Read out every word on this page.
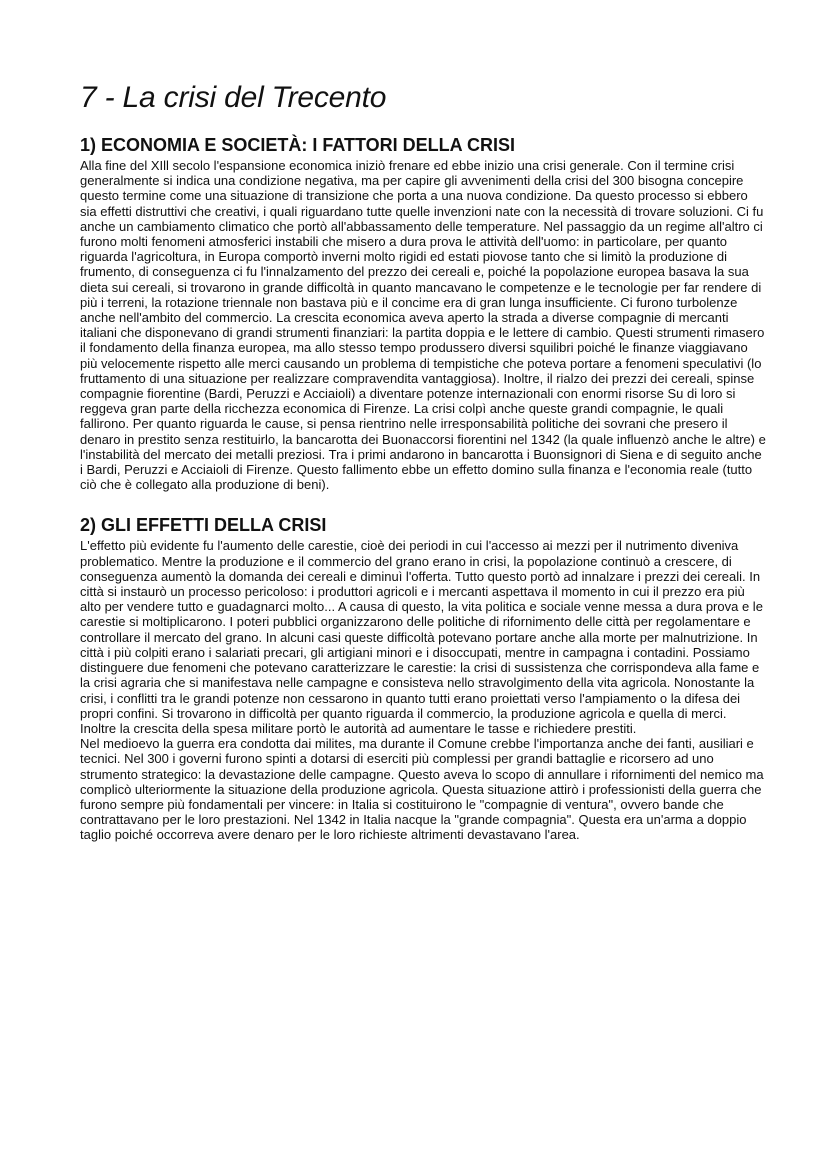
7 - La crisi del Trecento
1) ECONOMIA E SOCIETÀ: I FATTORI DELLA CRISI

Alla fine del XIll secolo l'espansione economica iniziò frenare ed ebbe inizio una crisi generale. Con il termine crisi generalmente si indica una condizione negativa, ma per capire gli avvenimenti della crisi del 300 bisogna concepire questo termine come una situazione di transizione che porta a una nuova condizione. Da questo processo si ebbero sia effetti distruttivi che creativi, i quali riguardano tutte quelle invenzioni nate con la necessità di trovare soluzioni. Ci fu anche un cambiamento climatico che portò all'abbassamento delle temperature. Nel passaggio da un regime all'altro ci furono molti fenomeni atmosferici instabili che misero a dura prova le attività dell'uomo: in particolare, per quanto riguarda l'agricoltura, in Europa comportò inverni molto rigidi ed estati piovose tanto che si limitò la produzione di frumento, di conseguenza ci fu l'innalzamento del prezzo dei cereali e, poiché la popolazione europea basava la sua dieta sui cereali, si trovarono in grande difficoltà in quanto mancavano le competenze e le tecnologie per far rendere di più i terreni, la rotazione triennale non bastava più e il concime era di gran lunga insufficiente. Ci furono turbolenze anche nell'ambito del commercio. La crescita economica aveva aperto la strada a diverse compagnie di mercanti italiani che disponevano di grandi strumenti finanziari: la partita doppia e le lettere di cambio. Questi strumenti rimasero il fondamento della finanza europea, ma allo stesso tempo produssero diversi squilibri poiché le finanze viaggiavano più velocemente rispetto alle merci causando un problema di tempistiche che poteva portare a fenomeni speculativi (lo fruttamento di una situazione per realizzare compravendita vantaggiosa). Inoltre, il rialzo dei prezzi dei cereali, spinse compagnie fiorentine (Bardi, Peruzzi e Acciaioli) a diventare potenze internazionali con enormi risorse Su di loro si reggeva gran parte della ricchezza economica di Firenze. La crisi colpì anche queste grandi compagnie, le quali fallirono. Per quanto riguarda le cause, si pensa rientrino nelle irresponsabilità politiche dei sovrani che presero il denaro in prestito senza restituirlo, la bancarotta dei Buonaccorsi fiorentini nel 1342 (la quale influenzò anche le altre) e l'instabilità del mercato dei metalli preziosi. Tra i primi andarono in bancarotta i Buonsignori di Siena e di seguito anche i Bardi, Peruzzi e Acciaioli di Firenze. Questo fallimento ebbe un effetto domino sulla finanza e l'economia reale (tutto ciò che è collegato alla produzione di beni).

2) GLI EFFETTI DELLA CRISI

L'effetto più evidente fu l'aumento delle carestie, cioè dei periodi in cui l'accesso ai mezzi per il nutrimento diveniva problematico. Mentre la produzione e il commercio del grano erano in crisi, la popolazione continuò a crescere, di conseguenza aumentò la domanda dei cereali e diminuì l'offerta. Tutto questo portò ad innalzare i prezzi dei cereali. In città si instaurò un processo pericoloso: i produttori agricoli e i mercanti aspettava il momento in cui il prezzo era più alto per vendere tutto e guadagnarci molto... A causa di questo, la vita politica e sociale venne messa a dura prova e le carestie si moltiplicarono. I poteri pubblici organizzarono delle politiche di rifornimento delle città per regolamentare e controllare il mercato del grano. In alcuni casi queste difficoltà potevano portare anche alla morte per malnutrizione. In città i più colpiti erano i salariati precari, gli artigiani minori e i disoccupati, mentre in campagna i contadini. Possiamo distinguere due fenomeni che potevano caratterizzare le carestie: la crisi di sussistenza che corrispondeva alla fame e la crisi agraria che si manifestava nelle campagne e consisteva nello stravolgimento della vita agricola. Nonostante la crisi, i conflitti tra le grandi potenze non cessarono in quanto tutti erano proiettati verso l'ampiamento o la difesa dei propri confini. Si trovarono in difficoltà per quanto riguarda il commercio, la produzione agricola e quella di merci. Inoltre la crescita della spesa militare portò le autorità ad aumentare le tasse e richiedere prestiti.

Nel medioevo la guerra era condotta dai milites, ma durante il Comune crebbe l'importanza anche dei fanti, ausiliari e tecnici. Nel 300 i governi furono spinti a dotarsi di eserciti più complessi per grandi battaglie e ricorsero ad uno strumento strategico: la devastazione delle campagne. Questo aveva lo scopo di annullare i rifornimenti del nemico ma complicò ulteriormente la situazione della produzione agricola. Questa situazione attirò i professionisti della guerra che furono sempre più fondamentali per vincere: in Italia si costituirono le "compagnie di ventura", ovvero bande che contrattavano per le loro prestazioni. Nel 1342 in Italia nacque la "grande compagnia". Questa era un'arma a doppio taglio poiché occorreva avere denaro per le loro richieste altrimenti devastavano l'area.
